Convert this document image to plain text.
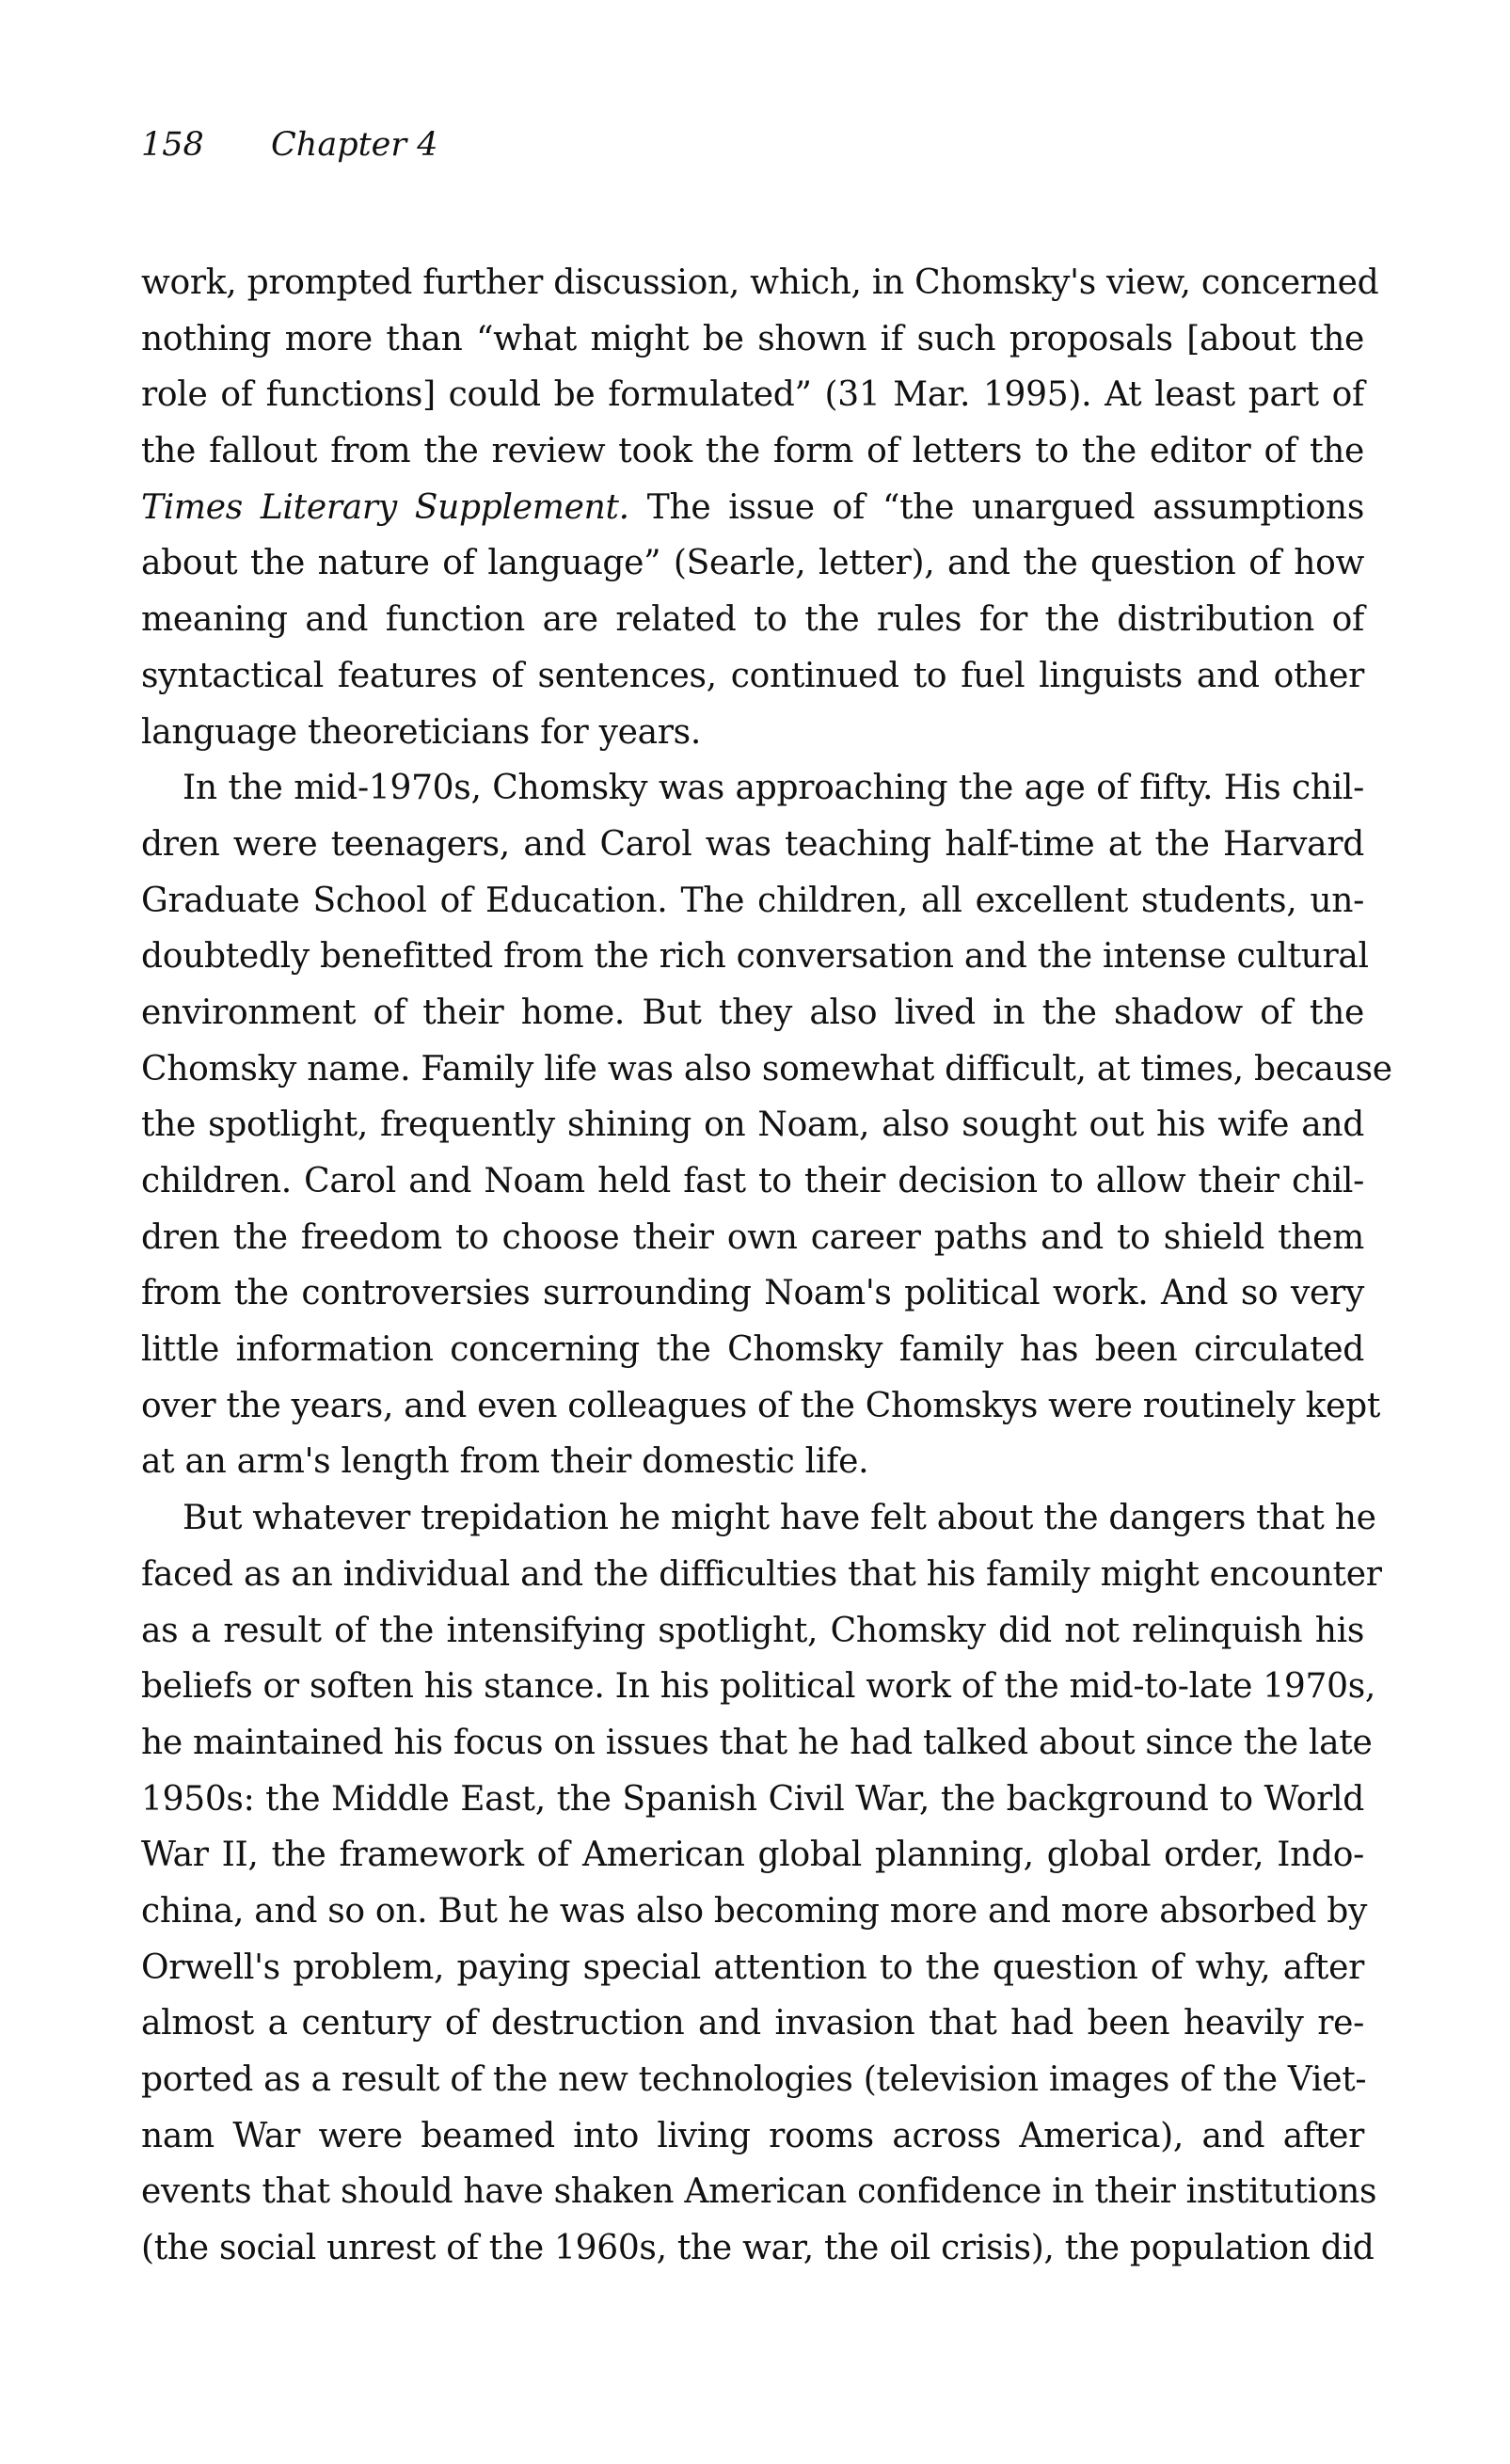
158 Chapter 4
work, prompted further discussion, which, in Chomsky's view, concerned
nothing more than “what might be shown if such proposals [about the
role of functions] could be formulated” (31 Mar. 1995). At least part of
the fallout from the review took the form of letters to the editor of the
Times Literary Supplement. The issue of “the unargued assumptions
about the nature of language” (Searle, letter), and the question of how
meaning and function are related to the rules for the distribution of
syntactical features of sentences, continued to fuel linguists and other
language theoreticians for years.
In the mid-1970s, Chomsky was approaching the age of fifty. His chil-
dren were teenagers, and Carol was teaching half-time at the Harvard
Graduate School of Education. The children, all excellent students, un-
doubtedly benefitted from the rich conversation and the intense cultural
environment of their home. But they also lived in the shadow of the
Chomsky name. Family life was also somewhat difficult, at times, because
the spotlight, frequently shining on Noam, also sought out his wife and
children. Carol and Noam held fast to their decision to allow their chil-
dren the freedom to choose their own career paths and to shield them
from the controversies surrounding Noam's political work. And so very
little information concerning the Chomsky family has been circulated
over the years, and even colleagues of the Chomskys were routinely kept
at an arm's length from their domestic life.
But whatever trepidation he might have felt about the dangers that he
faced as an individual and the difficulties that his family might encounter
as a result of the intensifying spotlight, Chomsky did not relinquish his
beliefs or soften his stance. In his political work of the mid-to-late 1970s,
he maintained his focus on issues that he had talked about since the late
1950s: the Middle East, the Spanish Civil War, the background to World
War II, the framework of American global planning, global order, Indo-
china, and so on. But he was also becoming more and more absorbed by
Orwell's problem, paying special attention to the question of why, after
almost a century of destruction and invasion that had been heavily re-
ported as a result of the new technologies (television images of the Viet-
nam War were beamed into living rooms across America), and after
events that should have shaken American confidence in their institutions
(the social unrest of the 1960s, the war, the oil crisis), the population did
